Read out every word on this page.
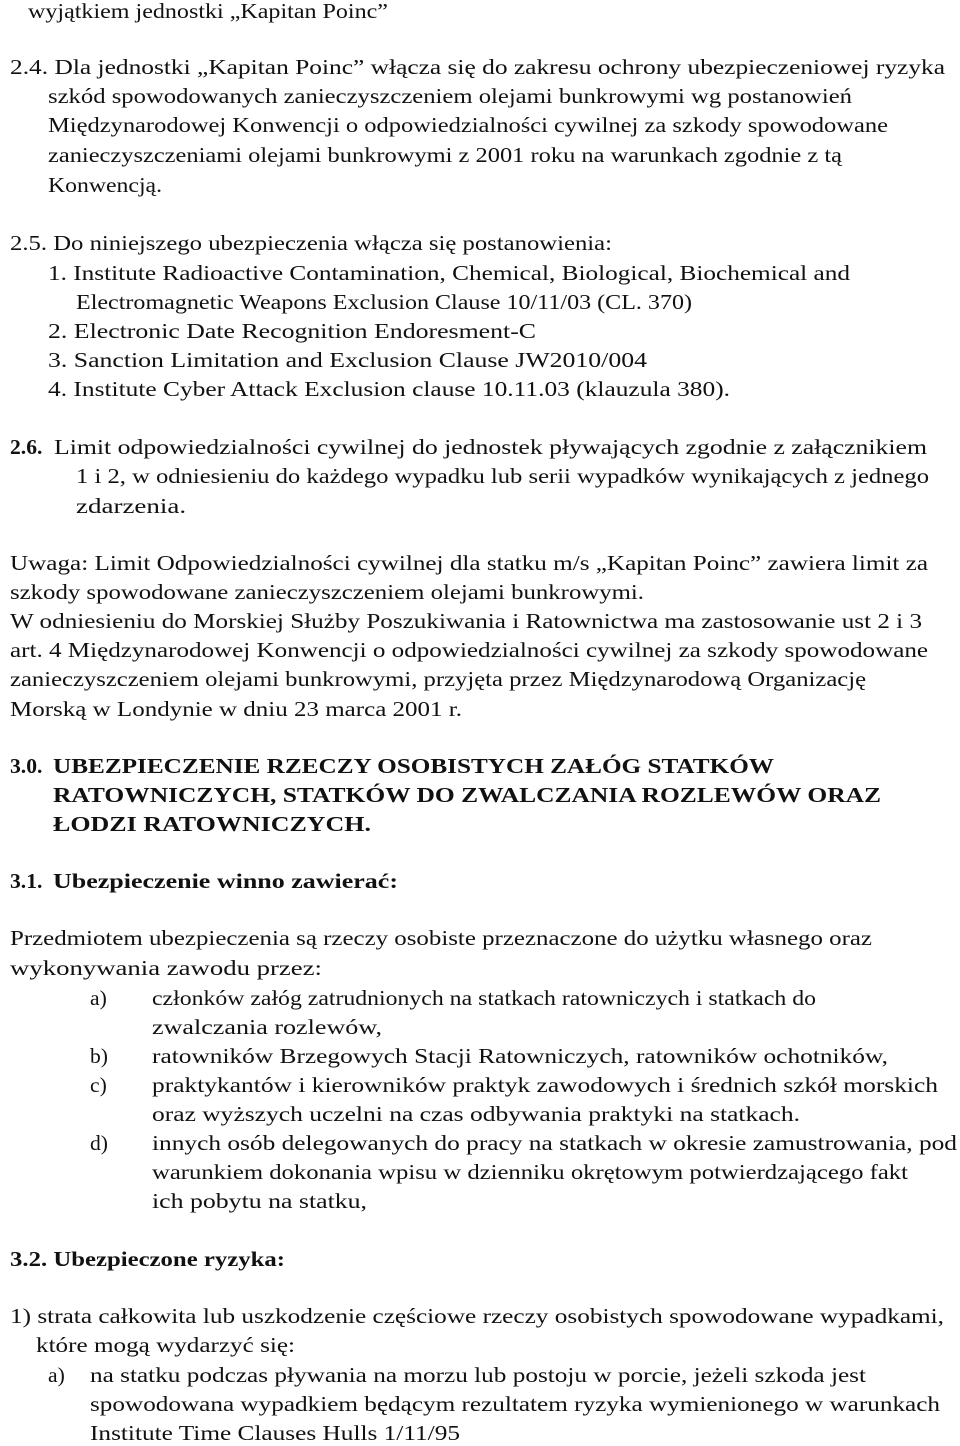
wyjątkiem jednostki „Kapitan Poinc”
2.4. Dla jednostki „Kapitan Poinc” włącza się do zakresu ochrony ubezpieczeniowej ryzyka
szkód spowodowanych zanieczyszczeniem olejami bunkrowymi wg postanowień
Międzynarodowej Konwencji o odpowiedzialności cywilnej za szkody spowodowane
zanieczyszczeniami olejami bunkrowymi z 2001 roku na warunkach zgodnie z tą
Konwencją.
2.5. Do niniejszego ubezpieczenia włącza się postanowienia:
1. Institute Radioactive Contamination, Chemical, Biological, Biochemical and
Electromagnetic Weapons Exclusion Clause 10/11/03 (CL. 370)
2. Electronic Date Recognition Endoresment-C
3. Sanction Limitation and Exclusion Clause JW2010/004
4. Institute Cyber Attack Exclusion clause 10.11.03 (klauzula 380).
2.6. Limit odpowiedzialności cywilnej do jednostek pływających zgodnie z załącznikiem
1 i 2, w odniesieniu do każdego wypadku lub serii wypadków wynikających z jednego
zdarzenia.
Uwaga: Limit Odpowiedzialności cywilnej dla statku m/s „Kapitan Poinc” zawiera limit za
szkody spowodowane zanieczyszczeniem olejami bunkrowymi.
W odniesieniu do Morskiej Służby Poszukiwania i Ratownictwa ma zastosowanie ust 2 i 3
art. 4 Międzynarodowej Konwencji o odpowiedzialności cywilnej za szkody spowodowane
zanieczyszczeniem olejami bunkrowymi, przyjęta przez Międzynarodową Organizację
Morską w Londynie w dniu 23 marca 2001 r.
3.0. UBEZPIECZENIE RZECZY OSOBISTYCH ZAŁÓG STATKÓW
RATOWNICZYCH, STATKÓW DO ZWALCZANIA ROZLEWÓW ORAZ
ŁODZI RATOWNICZYCH.
3.1. Ubezpieczenie winno zawierać:
Przedmiotem ubezpieczenia są rzeczy osobiste przeznaczone do użytku własnego oraz
wykonywania zawodu przez:
a) członków załóg zatrudnionych na statkach ratowniczych i statkach do
zwalczania rozlewów,
b) ratowników Brzegowych Stacji Ratowniczych, ratowników ochotników,
c) praktykantów i kierowników praktyk zawodowych i średnich szkół morskich
oraz wyższych uczelni na czas odbywania praktyki na statkach.
d) innych osób delegowanych do pracy na statkach w okresie zamustrowania, pod
warunkiem dokonania wpisu w dzienniku okrętowym potwierdzającego fakt
ich pobytu na statku,
3.2. Ubezpieczone ryzyka:
1) strata całkowita lub uszkodzenie częściowe rzeczy osobistych spowodowane wypadkami,
które mogą wydarzyć się:
a) na statku podczas pływania na morzu lub postoju w porcie, jeżeli szkoda jest
spowodowana wypadkiem będącym rezultatem ryzyka wymienionego w warunkach
Institute Time Clauses Hulls 1/11/95
